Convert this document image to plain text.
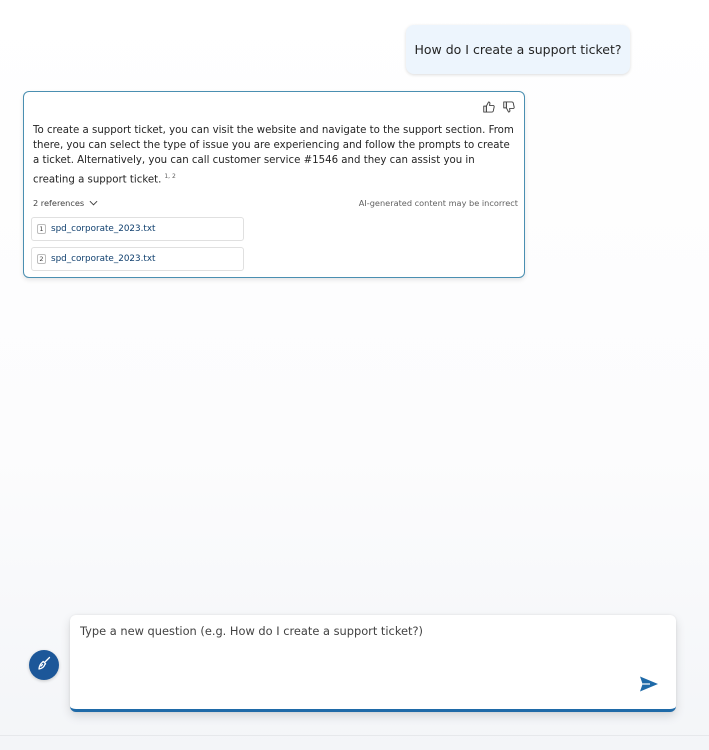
How do I create a support ticket?
To create a support ticket, you can visit the website and navigate to the support section. From there, you can select the type of issue you are experiencing and follow the prompts to create a ticket. Alternatively, you can call customer service #1546 and they can assist you in creating a support ticket. $^{1, 2}$
2 references	AI-generated content may be incorrect
1 spd_corporate_2023.txt
2 spd_corporate_2023.txt
Type a new question (e.g. How do I create a support ticket?)
